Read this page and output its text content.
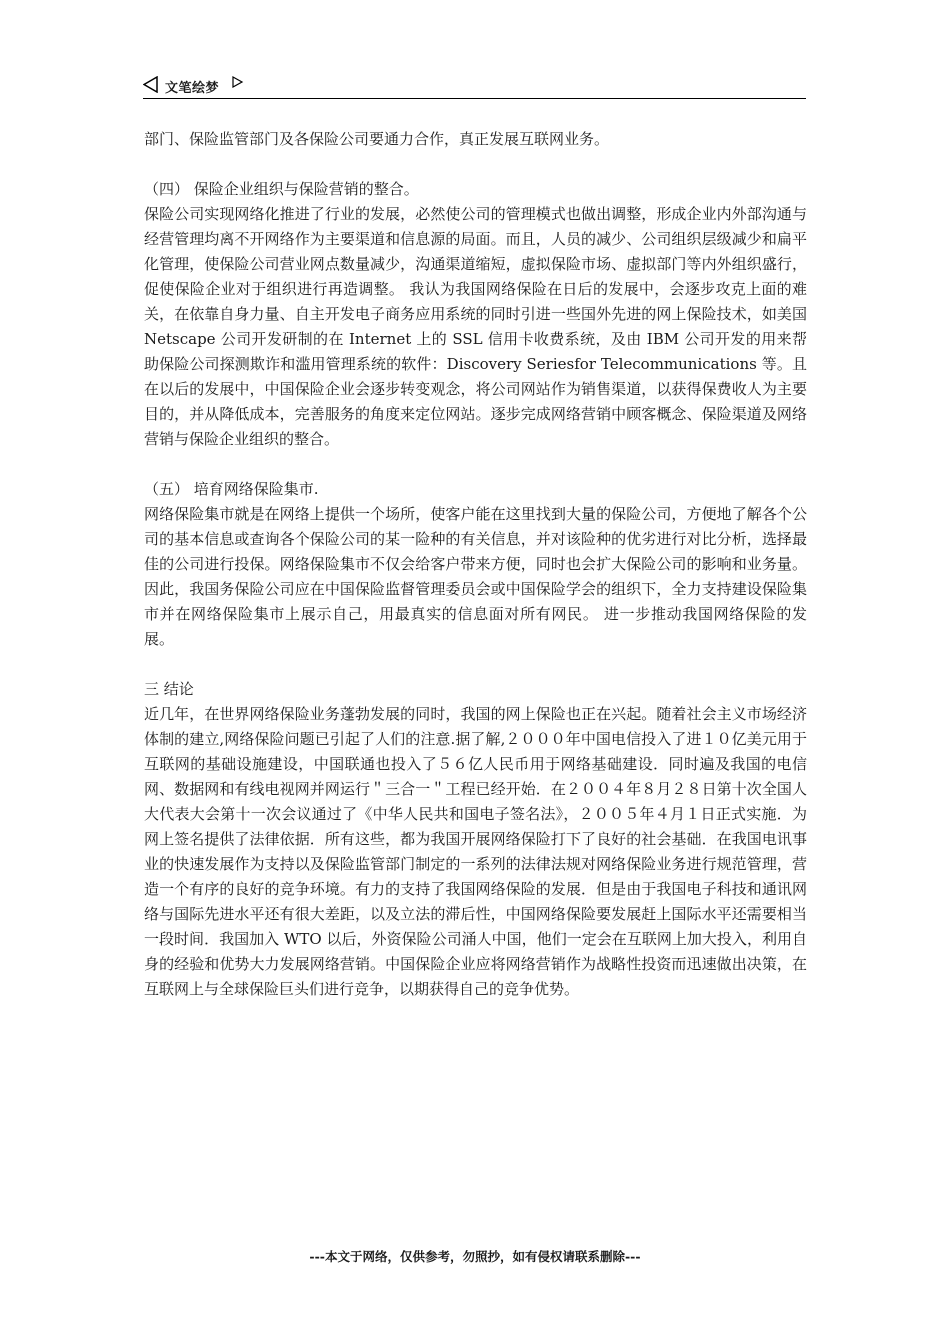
文笔绘梦

部门、保险监管部门及各保险公司要通力合作，真正发展互联网业务。

（四） 保险企业组织与保险营销的整合。

保险公司实现网络化推进了行业的发展，必然使公司的管理模式也做出调整，形成企业内外部沟通与经营管理均离不开网络作为主要渠道和信息源的局面。而且，人员的减少、公司组织层级减少和扁平化管理，使保险公司营业网点数量减少，沟通渠道缩短，虚拟保险市场、虚拟部门等内外组织盛行，促使保险企业对于组织进行再造调整。 我认为我国网络保险在日后的发展中，会逐步攻克上面的难关，在依靠自身力量、自主开发电子商务应用系统的同时引进一些国外先进的网上保险技术，如美国 Netscape 公司开发研制的在 Internet 上的 SSL 信用卡收费系统，及由 IBM 公司开发的用来帮助保险公司探测欺诈和滥用管理系统的软件：Discovery Seriesfor Telecommunications 等。且在以后的发展中，中国保险企业会逐步转变观念，将公司网站作为销售渠道，以获得保费收人为主要目的，并从降低成本，完善服务的角度来定位网站。逐步完成网络营销中顾客概念、保险渠道及网络营销与保险企业组织的整合。

（五） 培育网络保险集市.

网络保险集市就是在网络上提供一个场所，使客户能在这里找到大量的保险公司，方便地了解各个公司的基本信息或查询各个保险公司的某一险种的有关信息，并对该险种的优劣进行对比分析，选择最佳的公司进行投保。网络保险集市不仅会给客户带来方便，同时也会扩大保险公司的影响和业务量。因此，我国务保险公司应在中国保险监督管理委员会或中国保险学会的组织下，全力支持建设保险集市并在网络保险集市上展示自己，用最真实的信息面对所有网民。 进一步推动我国网络保险的发展。

三 结论

近几年，在世界网络保险业务蓬勃发展的同时，我国的网上保险也正在兴起。随着社会主义市场经济体制的建立,网络保险问题已引起了人们的注意.据了解,２０００年中国电信投入了进１０亿美元用于互联网的基础设施建设，中国联通也投入了５６亿人民币用于网络基础建设．同时遍及我国的电信网、数据网和有线电视网并网运行＂三合一＂工程已经开始．在２００４年８月２８日第十次全国人大代表大会第十一次会议通过了《中华人民共和国电子签名法》，２００５年４月１日正式实施．为网上签名提供了法律依据．所有这些，都为我国开展网络保险打下了良好的社会基础．在我国电讯事业的快速发展作为支持以及保险监管部门制定的一系列的法律法规对网络保险业务进行规范管理，营造一个有序的良好的竞争环境。有力的支持了我国网络保险的发展．但是由于我国电子科技和通讯网络与国际先进水平还有很大差距，以及立法的滞后性，中国网络保险要发展赶上国际水平还需要相当一段时间．我国加入 WTO 以后，外资保险公司涌人中国，他们一定会在互联网上加大投入，利用自身的经验和优势大力发展网络营销。中国保险企业应将网络营销作为战略性投资而迅速做出决策，在互联网上与全球保险巨头们进行竞争，以期获得自己的竞争优势。

---本文于网络，仅供参考，勿照抄，如有侵权请联系删除---
